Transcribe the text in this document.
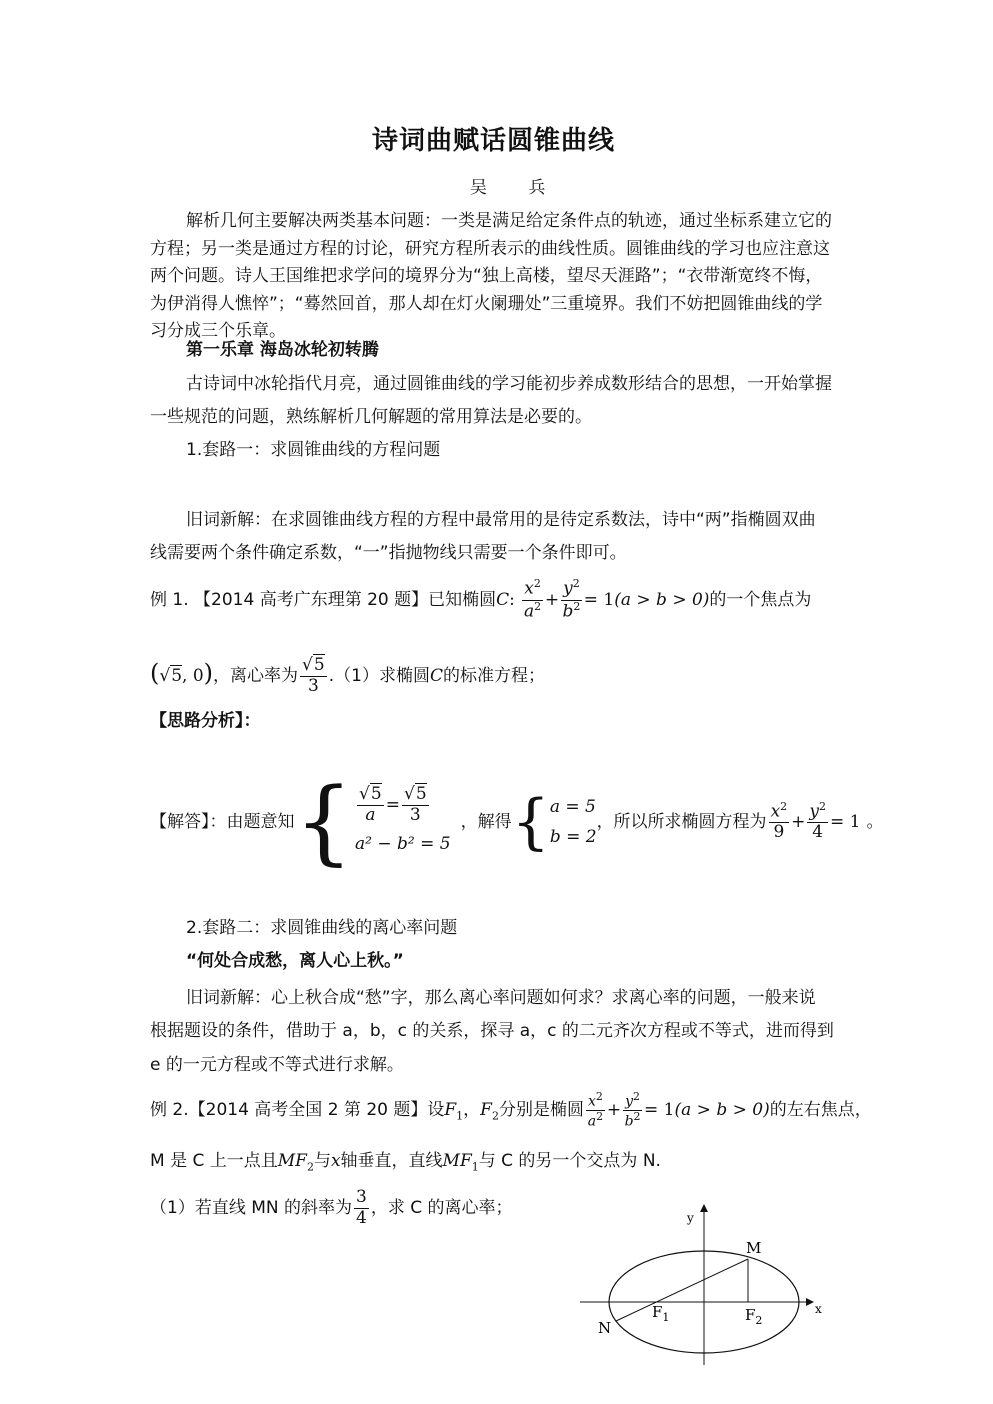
诗词曲赋话圆锥曲线
吴 兵
解析几何主要解决两类基本问题：一类是满足给定条件点的轨迹，通过坐标系建立它的
方程；另一类是通过方程的讨论，研究方程所表示的曲线性质。圆锥曲线的学习也应注意这
两个问题。诗人王国维把求学问的境界分为“独上高楼，望尽天涯路”；“衣带渐宽终不悔，
为伊消得人憔悴”；“蓦然回首，那人却在灯火阑珊处”三重境界。我们不妨把圆锥曲线的学
习分成三个乐章。
第一乐章 海岛冰轮初转腾
古诗词中冰轮指代月亮，通过圆锥曲线的学习能初步养成数形结合的思想，一开始掌握
一些规范的问题，熟练解析几何解题的常用算法是必要的。
1.套路一：求圆锥曲线的方程问题
旧词新解：在求圆锥曲线方程的方程中最常用的是待定系数法，诗中“两”指椭圆双曲
线需要两个条件确定系数，“一”指抛物线只需要一个条件即可。
例 1. 【2014 高考广东理第 20 题】已知椭圆C: $\frac{x^2}{a^2} + \frac{y^2}{b^2} = 1(a > b > 0)$的一个焦点为
(√5, 0)，离心率为 $\frac{√5}{3} .(1)$求椭圆C的标准方程；
【思路分析】：
【解答】：由题意知 { $\frac{√5}{a} = \frac{√5}{3}$
a² − b² = 5
，解得 { a = 5
b = 2
，所以所求椭圆方程为 $\frac{x^2}{9} + \frac{y^2}{4} = 1$ 。
2.套路二：求圆锥曲线的离心率问题
“何处合成愁，离人心上秋。”
旧词新解：心上秋合成“愁”字，那么离心率问题如何求？求离心率的问题，一般来说
根据题设的条件，借助于 a，b，c 的关系，探寻 a，c 的二元齐次方程或不等式，进而得到
e 的一元方程或不等式进行求解。
例 2.【2014 高考全国 2 第 20 题】设$F_1$，$F_2$分别是椭圆 $\frac{x^2}{a^2} + \frac{y^2}{b^2} = 1(a > b > 0)$的左右焦点，
M 是 C 上一点且$MF_2$与x轴垂直，直线$MF_1$与 C 的另一个交点为 N.
（1）若直线 MN 的斜率为 $\frac{3}{4}$ ，求 C 的离心率；	y
x
M
N
$F_1$	$F_2$
